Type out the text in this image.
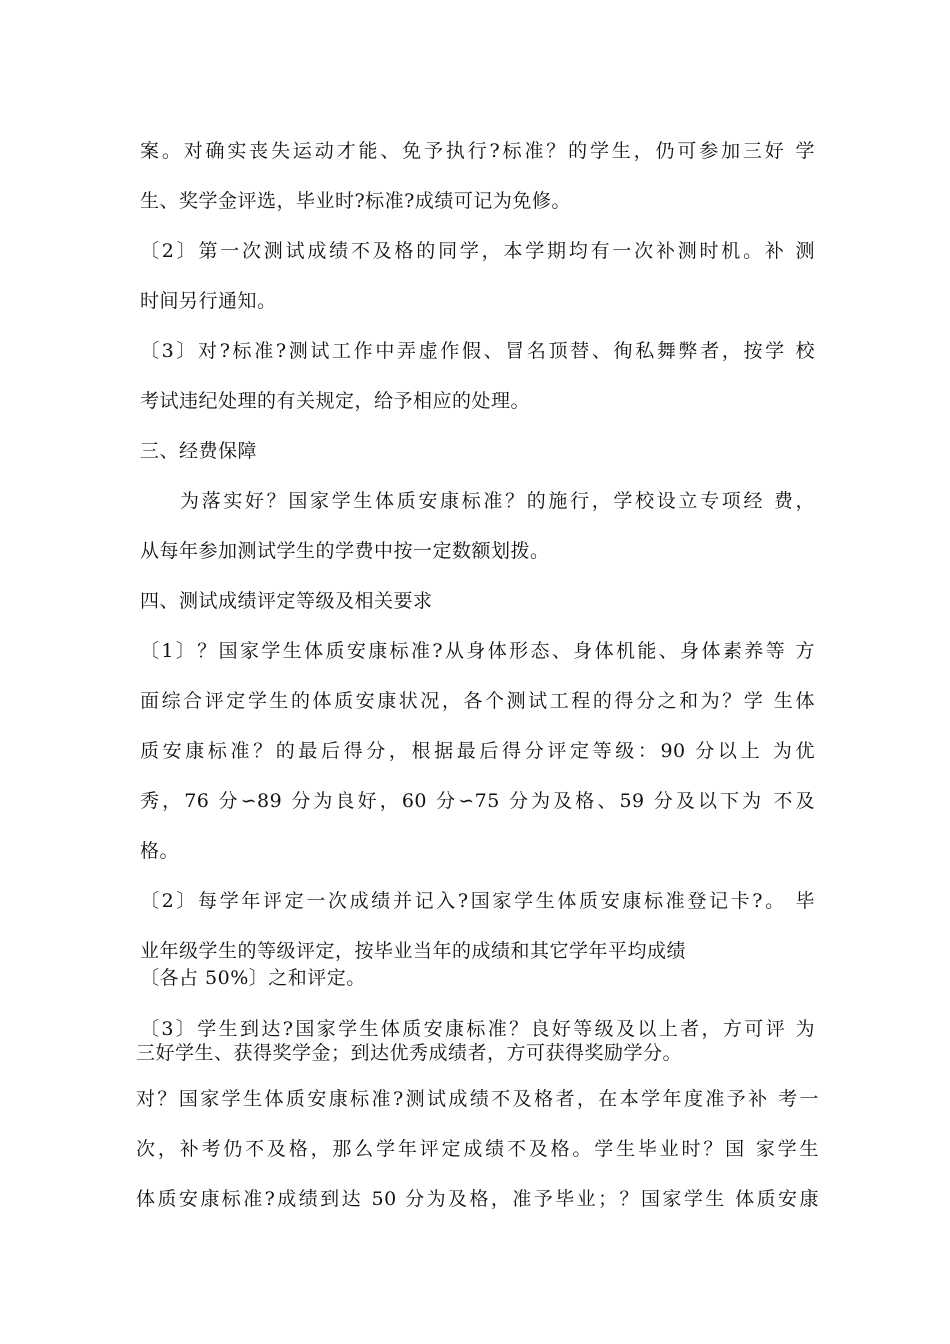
案。对确实丧失运动才能、免予执行?标准？的学生，仍可参加三好 学
生、奖学金评选，毕业时?标准?成绩可记为免修。
〔2〕第一次测试成绩不及格的同学，本学期均有一次补测时机。补 测
时间另行通知。
〔3〕对?标准?测试工作中弄虚作假、冒名顶替、徇私舞弊者，按学 校
考试违纪处理的有关规定，给予相应的处理。
三、经费保障
为落实好？国家学生体质安康标准？的施行，学校设立专项经 费，
从每年参加测试学生的学费中按一定数额划拨。
四、测试成绩评定等级及相关要求
〔1〕？国家学生体质安康标准?从身体形态、身体机能、身体素养等 方
面综合评定学生的体质安康状况，各个测试工程的得分之和为？学 生体
质安康标准？的最后得分，根据最后得分评定等级：90 分以上 为优
秀，76 分∽89 分为良好，60 分∽75 分为及格、59 分及以下为 不及
格。
〔2〕每学年评定一次成绩并记入?国家学生体质安康标准登记卡?。 毕
业年级学生的等级评定，按毕业当年的成绩和其它学年平均成绩
〔各占 50%〕之和评定。
〔3〕学生到达?国家学生体质安康标准？良好等级及以上者，方可评 为
三好学生、获得奖学金；到达优秀成绩者，方可获得奖励学分。
对？国家学生体质安康标准?测试成绩不及格者，在本学年度准予补 考一
次，补考仍不及格，那么学年评定成绩不及格。学生毕业时？国 家学生
体质安康标准?成绩到达 50 分为及格，准予毕业；？国家学生 体质安康
